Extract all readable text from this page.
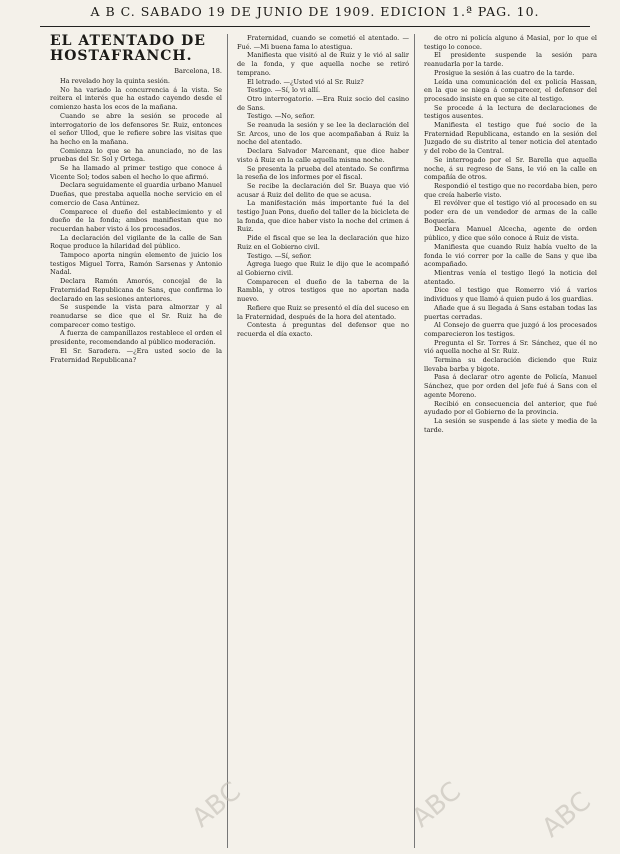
A B C. SABADO 19 DE JUNIO DE 1909. EDICION 1.ª PAG. 10.
EL ATENTADO DE HOSTAFRANCH.
Barcelona, 18.

Ha revelado hoy la quinta sesión.

No ha variado la concurrencia á la vista. Se reitera el interés que ha estado cayendo desde el comienzo hasta los ecos de la mañana.

Cuando se abre la sesión se procede al interrogatorio de los defensores Sr. Ruiz, entonces el señor Ullod, que le refiere sobre las visitas que ha hecho en la mañana.

Comienza lo que se ha anunciado, no de las pruebas del Sr. Sol y Ortega.

Se ha llamado al primer testigo que conoce á Vicente Sol; todos saben el hecho lo que afirmó.

Declara seguidamente el guardia urbano Manuel Dueñas, que prestaba aquella noche servicio en el comercio de Casa Antúnez.

Comparece el dueño del establecimiento y el dueño de la fonda; ambos manifiestan que no recuerdan haber visto á los procesados.

La declaración del vigilante de la calle de San Roque produce la hilaridad del público.

Tampoco aporta ningún elemento de juicio los testigos Miguel Torra, Ramón Sarsenas y Antonio Nadal.

Declara Ramón Amorós, concejal de la Fraternidad Republicana de Sans, que confirma lo declarado en las sesiones anteriores.

Se suspende la vista para almorzar y al reanudarse se dice que el Sr. Ruiz ha de comparecer como testigo.

A fuerza de campanillazos restablece el orden el presidente, recomendando al público moderación.

El Sr. Saradera. —¿Era usted socio de la Fraternidad Republicana?

Fraternidad, cuando se cometió el atentado. —Fué. —Mi buena fama lo atestigua.

Manifiesta que visitó al de Ruiz y le vió al salir de la fonda, y que aquella noche se retiró temprano.

El letrado. —¿Usted vió al Sr. Ruiz?

Testigo. —Sí, lo vi allí.

Otro interrogatorio. —Era Ruiz socio del casino de Sans.

Testigo. —No, señor.

Se reanuda la sesión y se lee la declaración del Sr. Arcos, uno de los que acompañaban á Ruiz la noche del atentado.

Declara Salvador Marcenant, que dice haber visto á Ruiz en la calle aquella misma noche.

Se presenta la prueba del atentado. Se confirma la reseña de los informes por el fiscal.

Se recibe la declaración del Sr. Buaya que vió acusar á Ruiz del delito de que se acusa.

La manifestación más importante fué la del testigo Juan Pons, dueño del taller de la bicicleta de la fonda, que dice haber visto la noche del crimen á Ruiz.

Pide el fiscal que se lea la declaración que hizo Ruiz en el Gobierno civil.

Testigo. —Sí, señor.

Agrega luego que Ruiz le dijo que le acompañó al Gobierno civil.

Comparecen el dueño de la taberna de la Rambla, y otros testigos que no aportan nada nuevo.

Refiere que Ruiz se presentó el día del suceso en la Fraternidad, después de la hora del atentado.

Contesta á preguntas del defensor que no recuerda el día exacto.

de otro ni policía alguno á Masial, por lo que el testigo lo conoce.

El presidente suspende la sesión para reanudarla por la tarde.

Prosigue la sesión á las cuatro de la tarde.

Leída una comunicación del ex policía Hassan, en la que se niega á comparecer, el defensor del procesado insiste en que se cite al testigo.

Se procede á la lectura de declaraciones de testigos ausentes.

Manifiesta el testigo que fué socio de la Fraternidad Republicana, estando en la sesión del Juzgado de su distrito al tener noticia del atentado y del robo de la Central.

Se interrogado por el Sr. Barella que aquella noche, á su regreso de Sans, le vió en la calle en compañía de otros.

Respondió el testigo que no recordaba bien, pero que creía haberle visto.

El revólver que el testigo vió al procesado en su poder era de un vendedor de armas de la calle Boquería.

Declara Manuel Alcecha, agente de orden público, y dice que sólo conoce á Ruiz de vista.

Manifiesta que cuando Ruiz había vuelto de la fonda le vió correr por la calle de Sans y que iba acompañado.

Mientras venía el testigo llegó la noticia del atentado.

Dice el testigo que Romerro vió á varios individuos y que llamó á quien pudo á los guardias.

Añade que á su llegada á Sans estaban todas las puertas cerradas.

Al Consejo de guerra que juzgó á los procesados comparecieron los testigos.

Pregunta el Sr. Torres á Sr. Sánchez, que él no vió aquella noche al Sr. Ruiz.

Termina su declaración diciendo que Ruiz llevaba barba y bigote.

Pasa á declarar otro agente de Policía, Manuel Sánchez, que por orden del jefe fué á Sans con el agente Moreno.

Recibió en consecuencia del anterior, que fué ayudado por el Gobierno de la provincia.

La sesión se suspende á las siete y media de la tarde.

ABC	ABC	ABC
